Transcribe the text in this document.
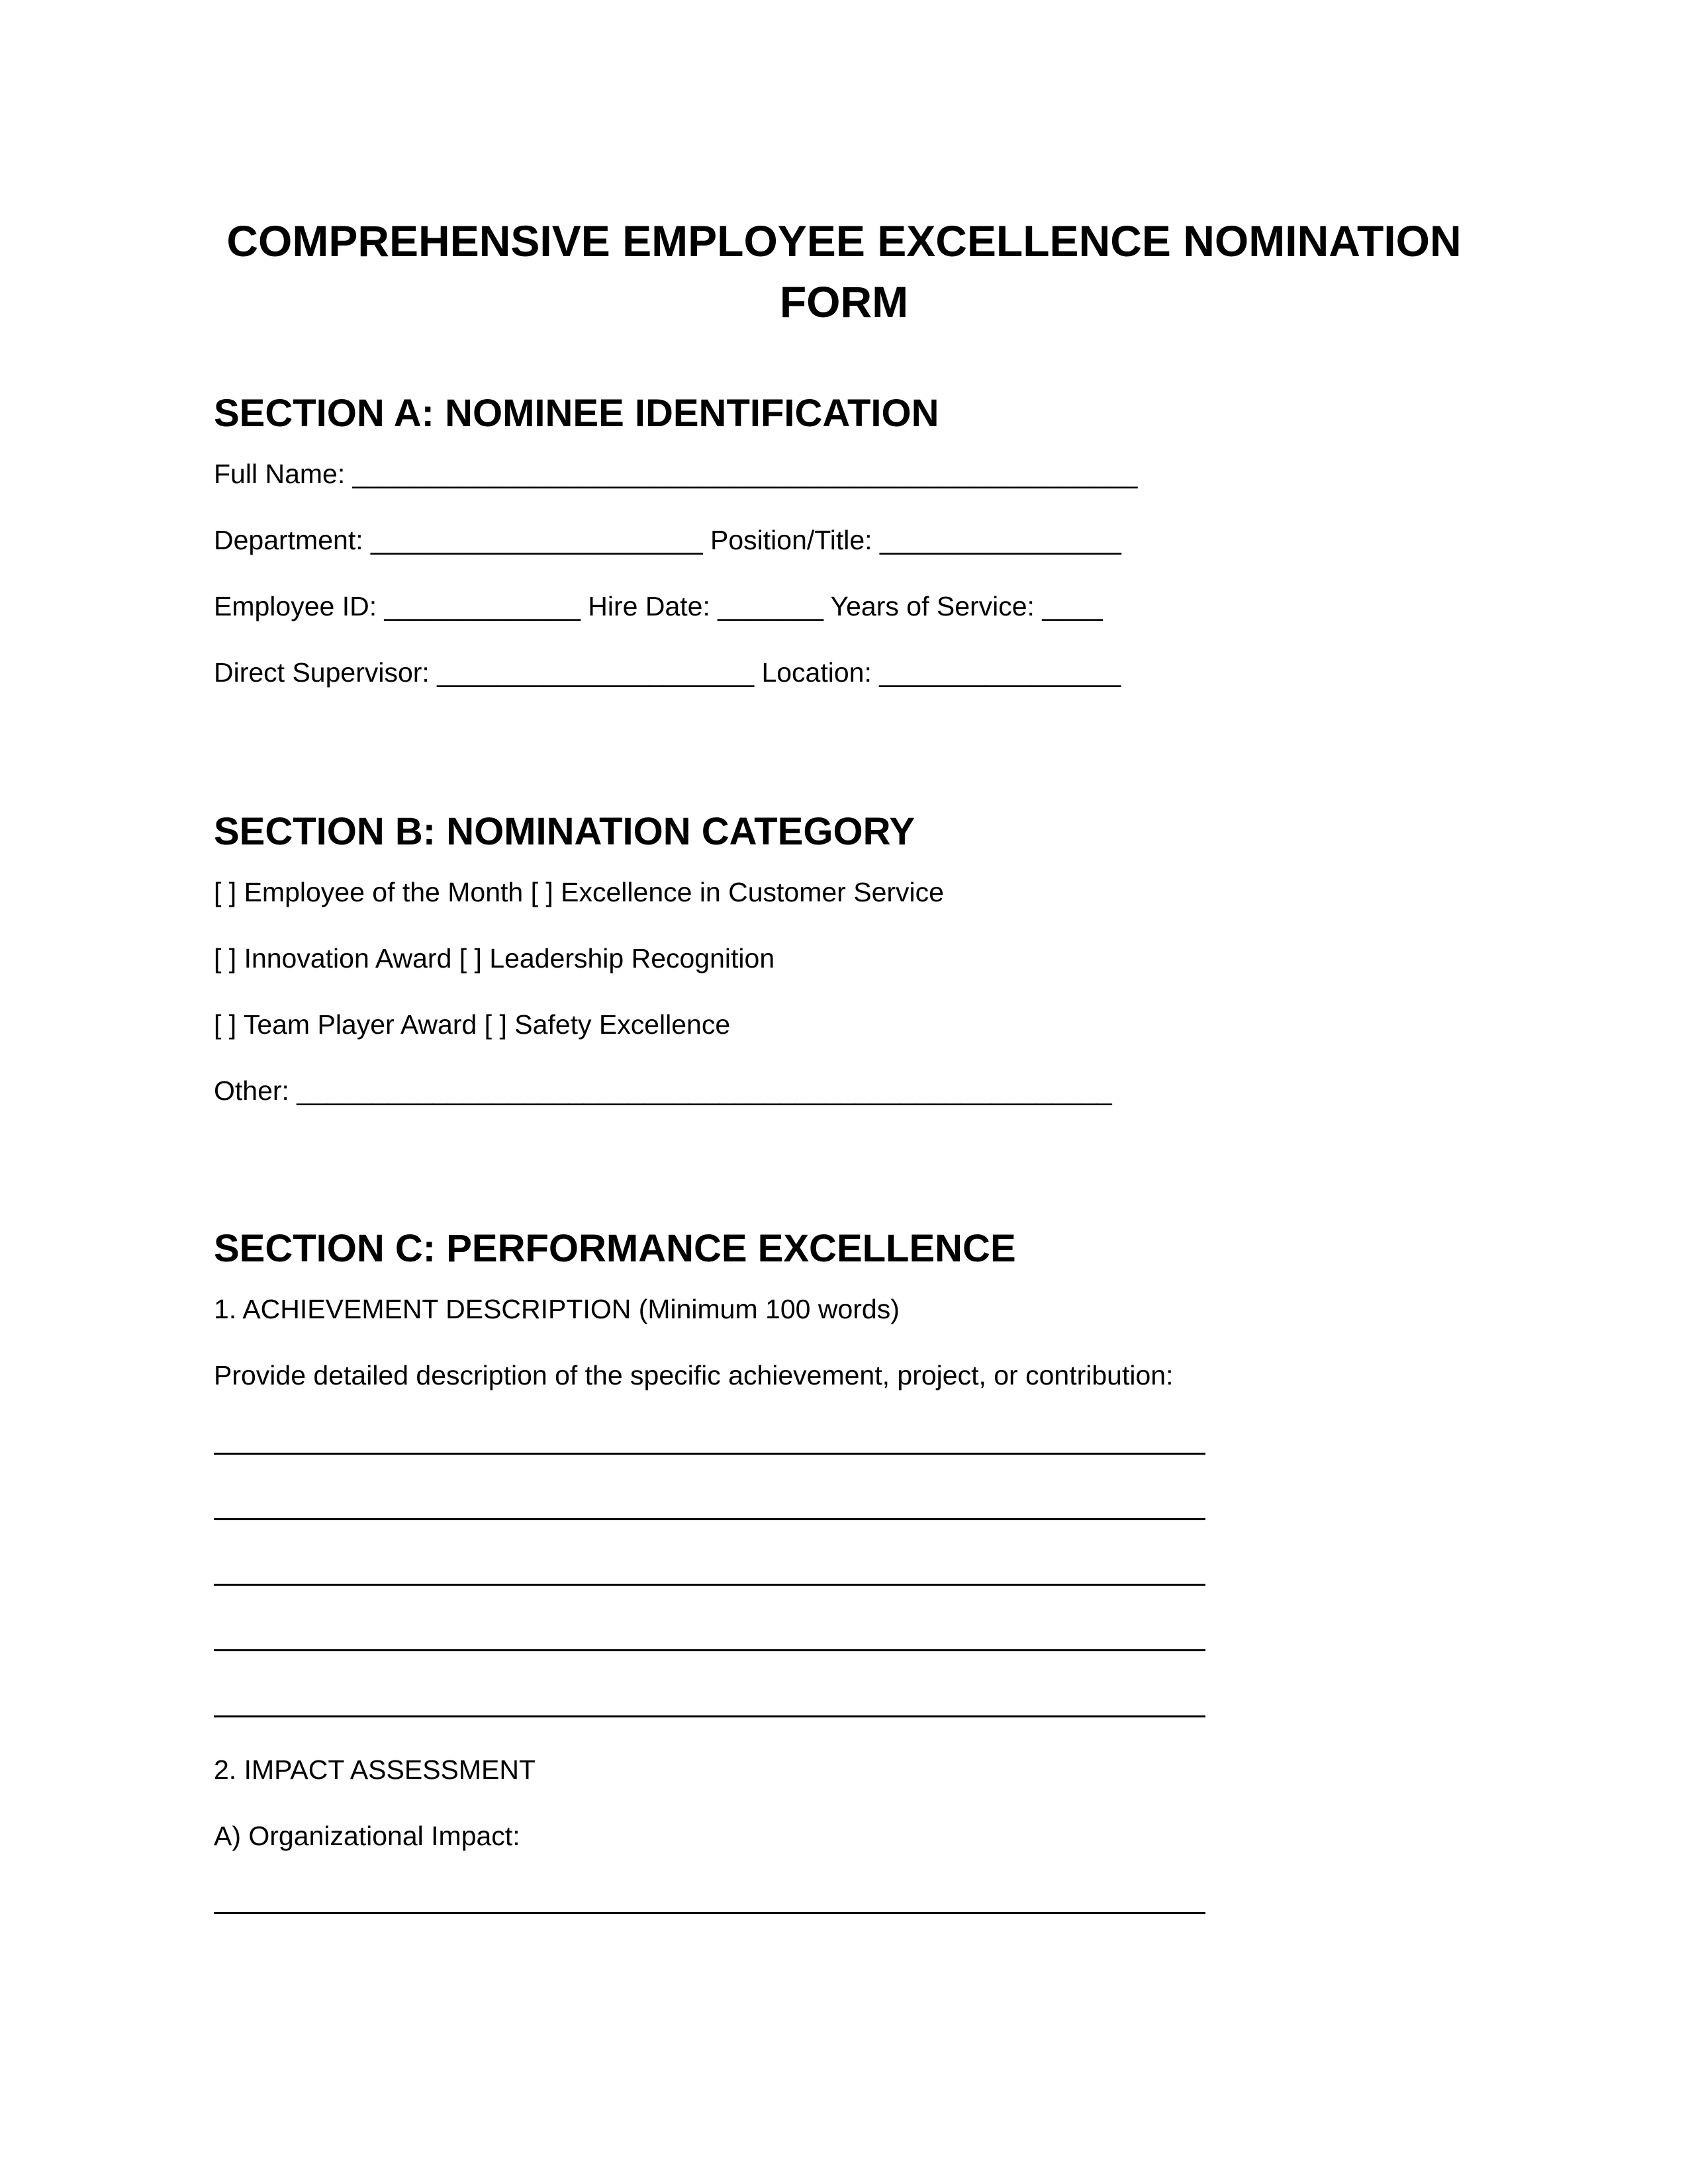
COMPREHENSIVE EMPLOYEE EXCELLENCE NOMINATION FORM
SECTION A: NOMINEE IDENTIFICATION

Full Name: ____________________________________________________

Department: ______________________ Position/Title: ________________

Employee ID: _____________ Hire Date: _______ Years of Service: ____

Direct Supervisor: _____________________ Location: ________________

SECTION B: NOMINATION CATEGORY

[ ] Employee of the Month [ ] Excellence in Customer Service

[ ] Innovation Award [ ] Leadership Recognition

[ ] Team Player Award [ ] Safety Excellence

Other: ______________________________________________________

SECTION C: PERFORMANCE EXCELLENCE

1. ACHIEVEMENT DESCRIPTION (Minimum 100 words)

Provide detailed description of the specific achievement, project, or contribution:

2. IMPACT ASSESSMENT

A) Organizational Impact:
